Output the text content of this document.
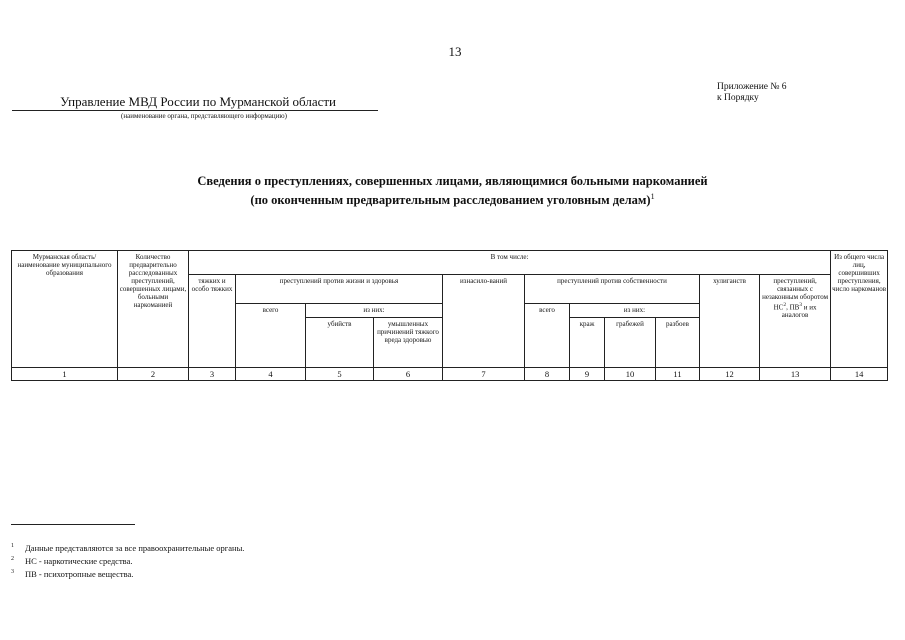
13
Приложение № 6
к Порядку
Управление МВД России по Мурманской области
(наименование органа, представляющего информацию)
Сведения о преступлениях, совершенных лицами, являющимися больными наркоманией
(по оконченным предварительным расследованием уголовным делам)$^1$
Мурманская область/ наименование муниципального образования	Количество предварительно расследованных преступлений, совершенных лицами, больными наркоманией	В том числе:											Из общего числа лиц, совершивших преступления, число наркоманов
		тяжких и особо тяжких	преступлений против жизни и здоровья			изнасило-ваний	преступлений против собственности				хулиганств	преступлений, связанных с незаконным оборотом $НС^2$, $ПВ^3$ и их аналогов	
			всего	из них:			всего	из них:					
				убийств	умышленных причинений тяжкого вреда здоровью			краж	грабежей	разбоев			
1	2	3	4	5	6	7	8	9	10	11	12	13	14
$^1$ Данные представляются за все правоохранительные органы.
$^2$ НС - наркотические средства.
$^3$ ПВ - психотропные вещества.
